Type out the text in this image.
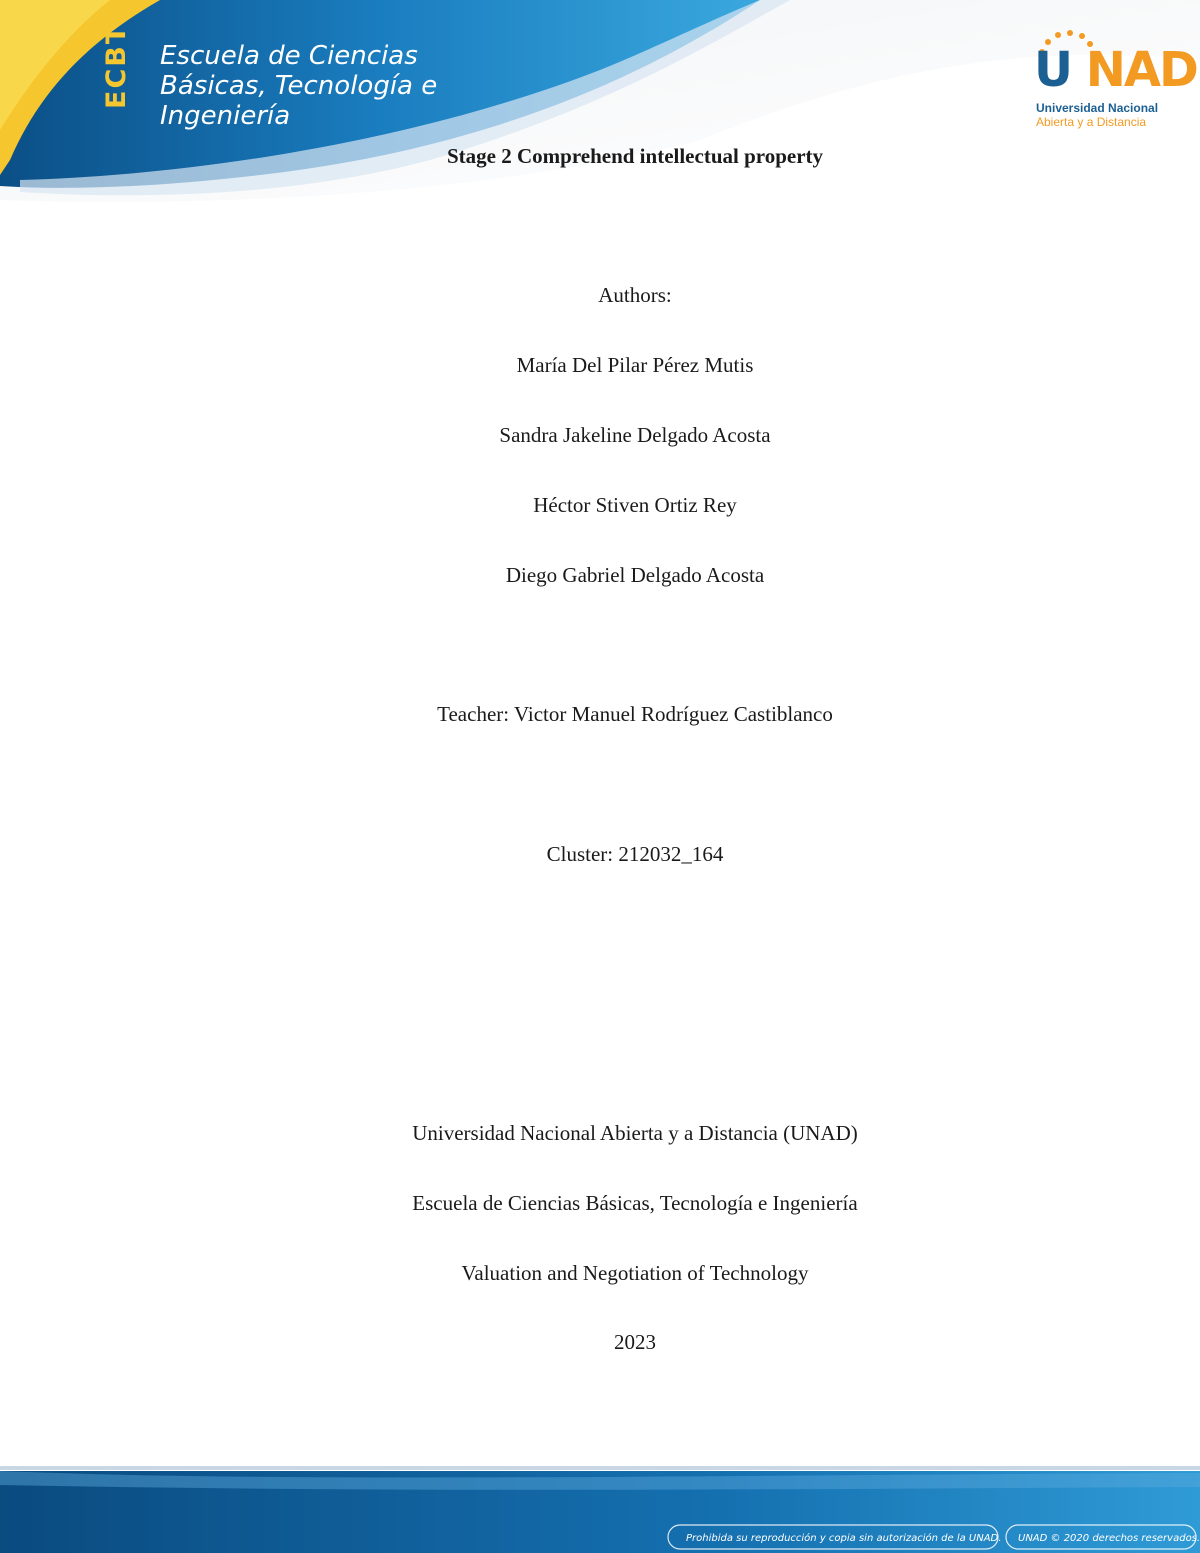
ECBTI Escuela de Ciencias
Básicas, Tecnología e
Ingeniería
U NAD
Universidad Nacional
Abierta y a Distancia
Stage 2 Comprehend intellectual property
Authors:
María Del Pilar Pérez Mutis
Sandra Jakeline Delgado Acosta
Héctor Stiven Ortiz Rey
Diego Gabriel Delgado Acosta
Teacher: Victor Manuel Rodríguez Castiblanco
Cluster: 212032_164
Universidad Nacional Abierta y a Distancia (UNAD)
Escuela de Ciencias Básicas, Tecnología e Ingeniería
Valuation and Negotiation of Technology
2023
Prohibida su reproducción y copia sin autorización de la UNAD. UNAD © 2020 derechos reservados.
